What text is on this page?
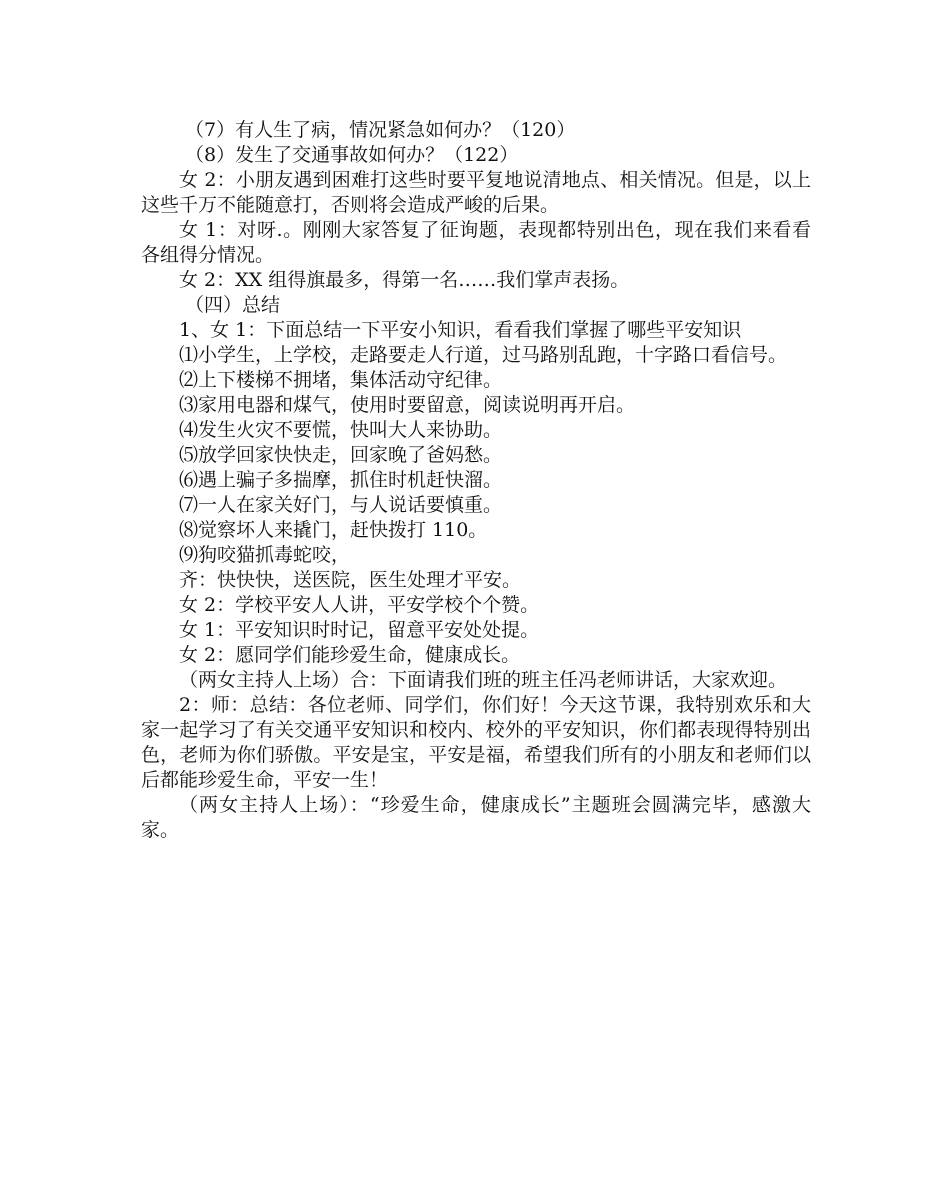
（7）有人生了病，情况紧急如何办？（120）

（8）发生了交通事故如何办？（122）

女 2：小朋友遇到困难打这些时要平复地说清地点、相关情况。但是，以上这些千万不能随意打，否则将会造成严峻的后果。

女 1：对呀.。刚刚大家答复了征询题，表现都特别出色，现在我们来看看各组得分情况。

女 2：XX 组得旗最多，得第一名……我们掌声表扬。

（四）总结

1、女 1：下面总结一下平安小知识，看看我们掌握了哪些平安知识

⑴小学生，上学校，走路要走人行道，过马路别乱跑，十字路口看信号。

⑵上下楼梯不拥堵，集体活动守纪律。

⑶家用电器和煤气，使用时要留意，阅读说明再开启。

⑷发生火灾不要慌，快叫大人来协助。

⑸放学回家快快走，回家晚了爸妈愁。

⑹遇上骗子多揣摩，抓住时机赶快溜。

⑺一人在家关好门，与人说话要慎重。

⑻觉察坏人来撬门，赶快拨打 110。

⑼狗咬猫抓毒蛇咬，

齐：快快快，送医院，医生处理才平安。

女 2：学校平安人人讲，平安学校个个赞。

女 1：平安知识时时记，留意平安处处提。

女 2：愿同学们能珍爱生命，健康成长。

（两女主持人上场）合：下面请我们班的班主任冯老师讲话，大家欢迎。

2：师：总结：各位老师、同学们，你们好！今天这节课，我特别欢乐和大家一起学习了有关交通平安知识和校内、校外的平安知识，你们都表现得特别出色，老师为你们骄傲。平安是宝，平安是福，希望我们所有的小朋友和老师们以后都能珍爱生命，平安一生！

（两女主持人上场）：“珍爱生命，健康成长”主题班会圆满完毕，感激大家。
